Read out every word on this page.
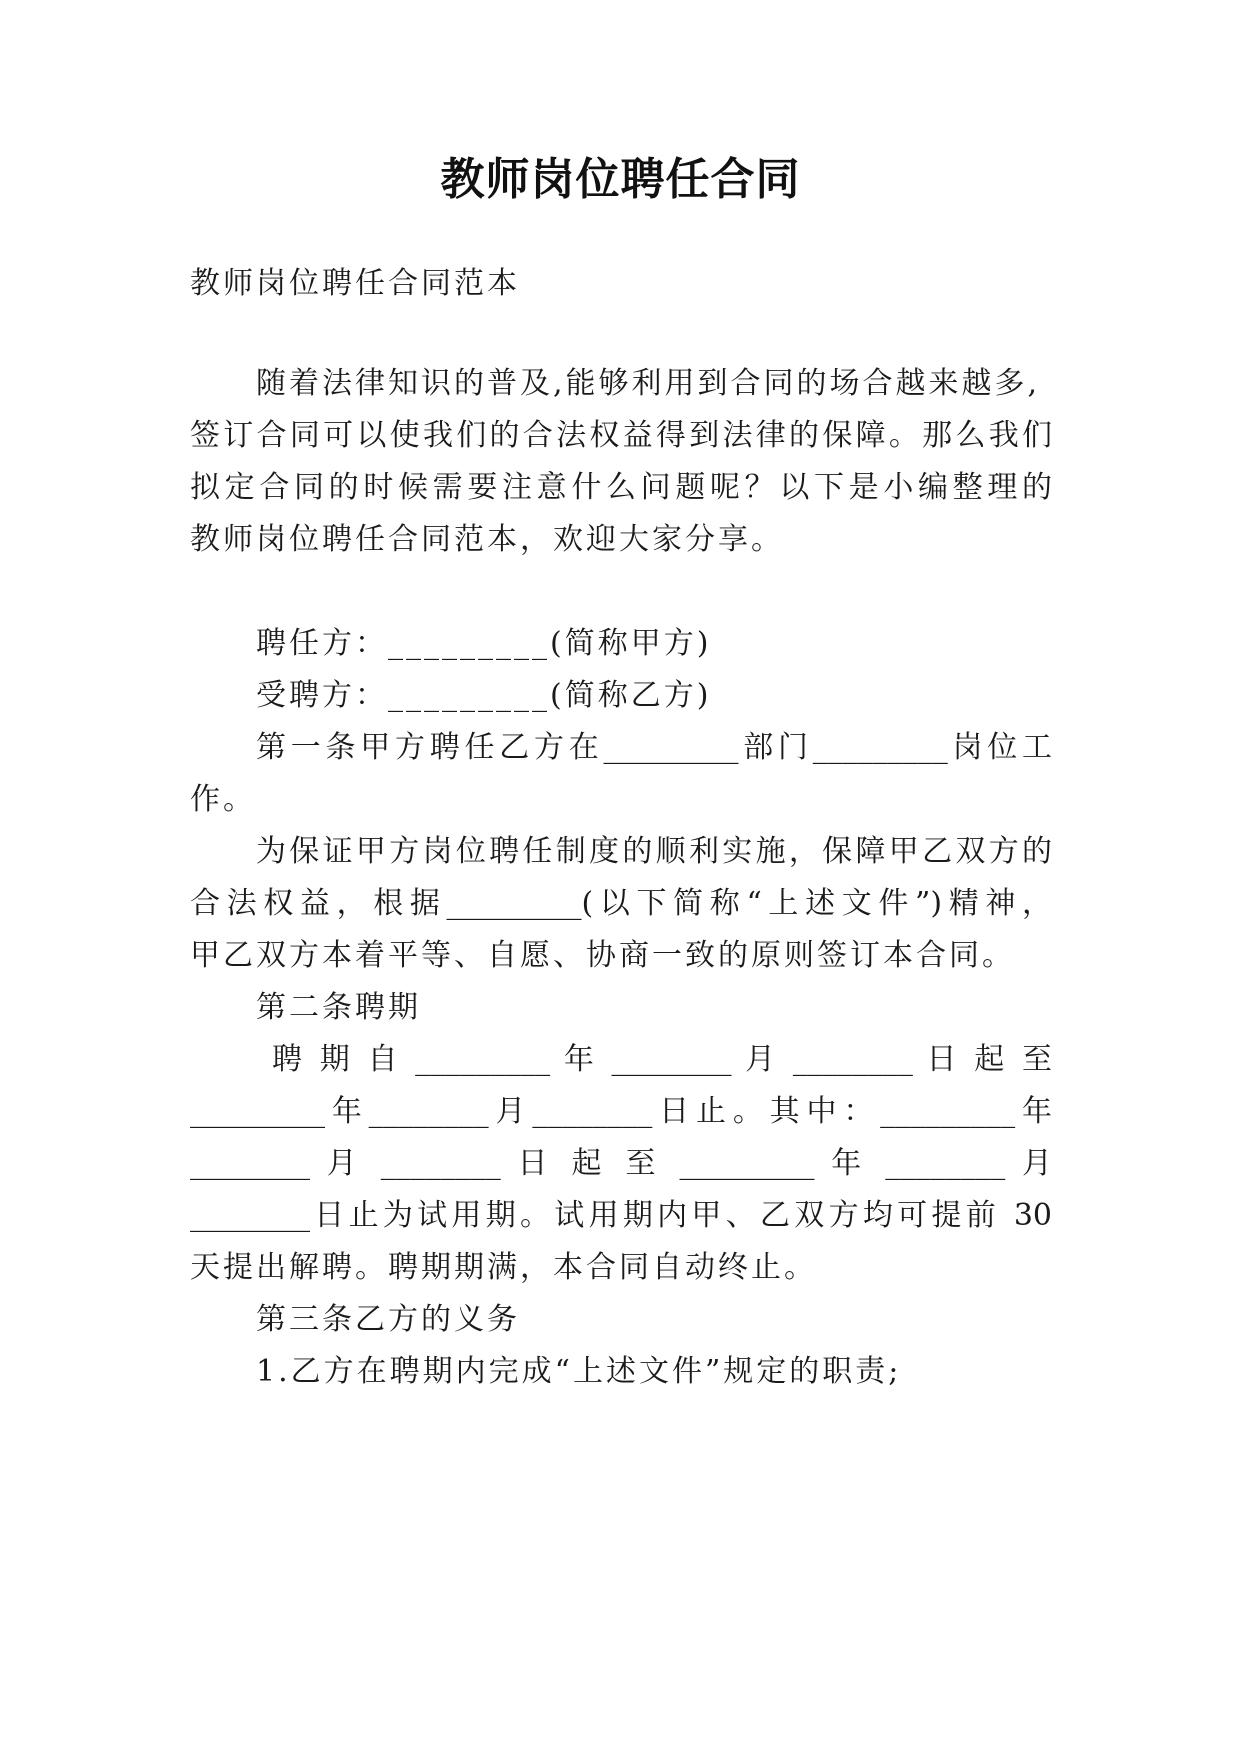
教师岗位聘任合同
教师岗位聘任合同范本
随着法律知识的普及,能够利用到合同的场合越来越多,
签订合同可以使我们的合法权益得到法律的保障。那么我们
拟定合同的时候需要注意什么问题呢？以下是小编整理的
教师岗位聘任合同范本，欢迎大家分享。
聘任方：_________(简称甲方)
受聘方：_________(简称乙方)
第一条甲方聘任乙方在_________部门_________岗位工
作。
为保证甲方岗位聘任制度的顺利实施，保障甲乙双方的
合法权益，根据_________(以下简称“上述文件”)精神，
甲乙双方本着平等、自愿、协商一致的原则签订本合同。
第二条聘期
聘 期 自 _________ 年 ________ 月 ________ 日 起 至
_________年________月________日止。其中：_________年
________ 月 ________ 日 起 至 _________ 年 ________ 月
________日止为试用期。试用期内甲、乙双方均可提前 30
天提出解聘。聘期期满，本合同自动终止。
第三条乙方的义务
1.乙方在聘期内完成“上述文件”规定的职责;
